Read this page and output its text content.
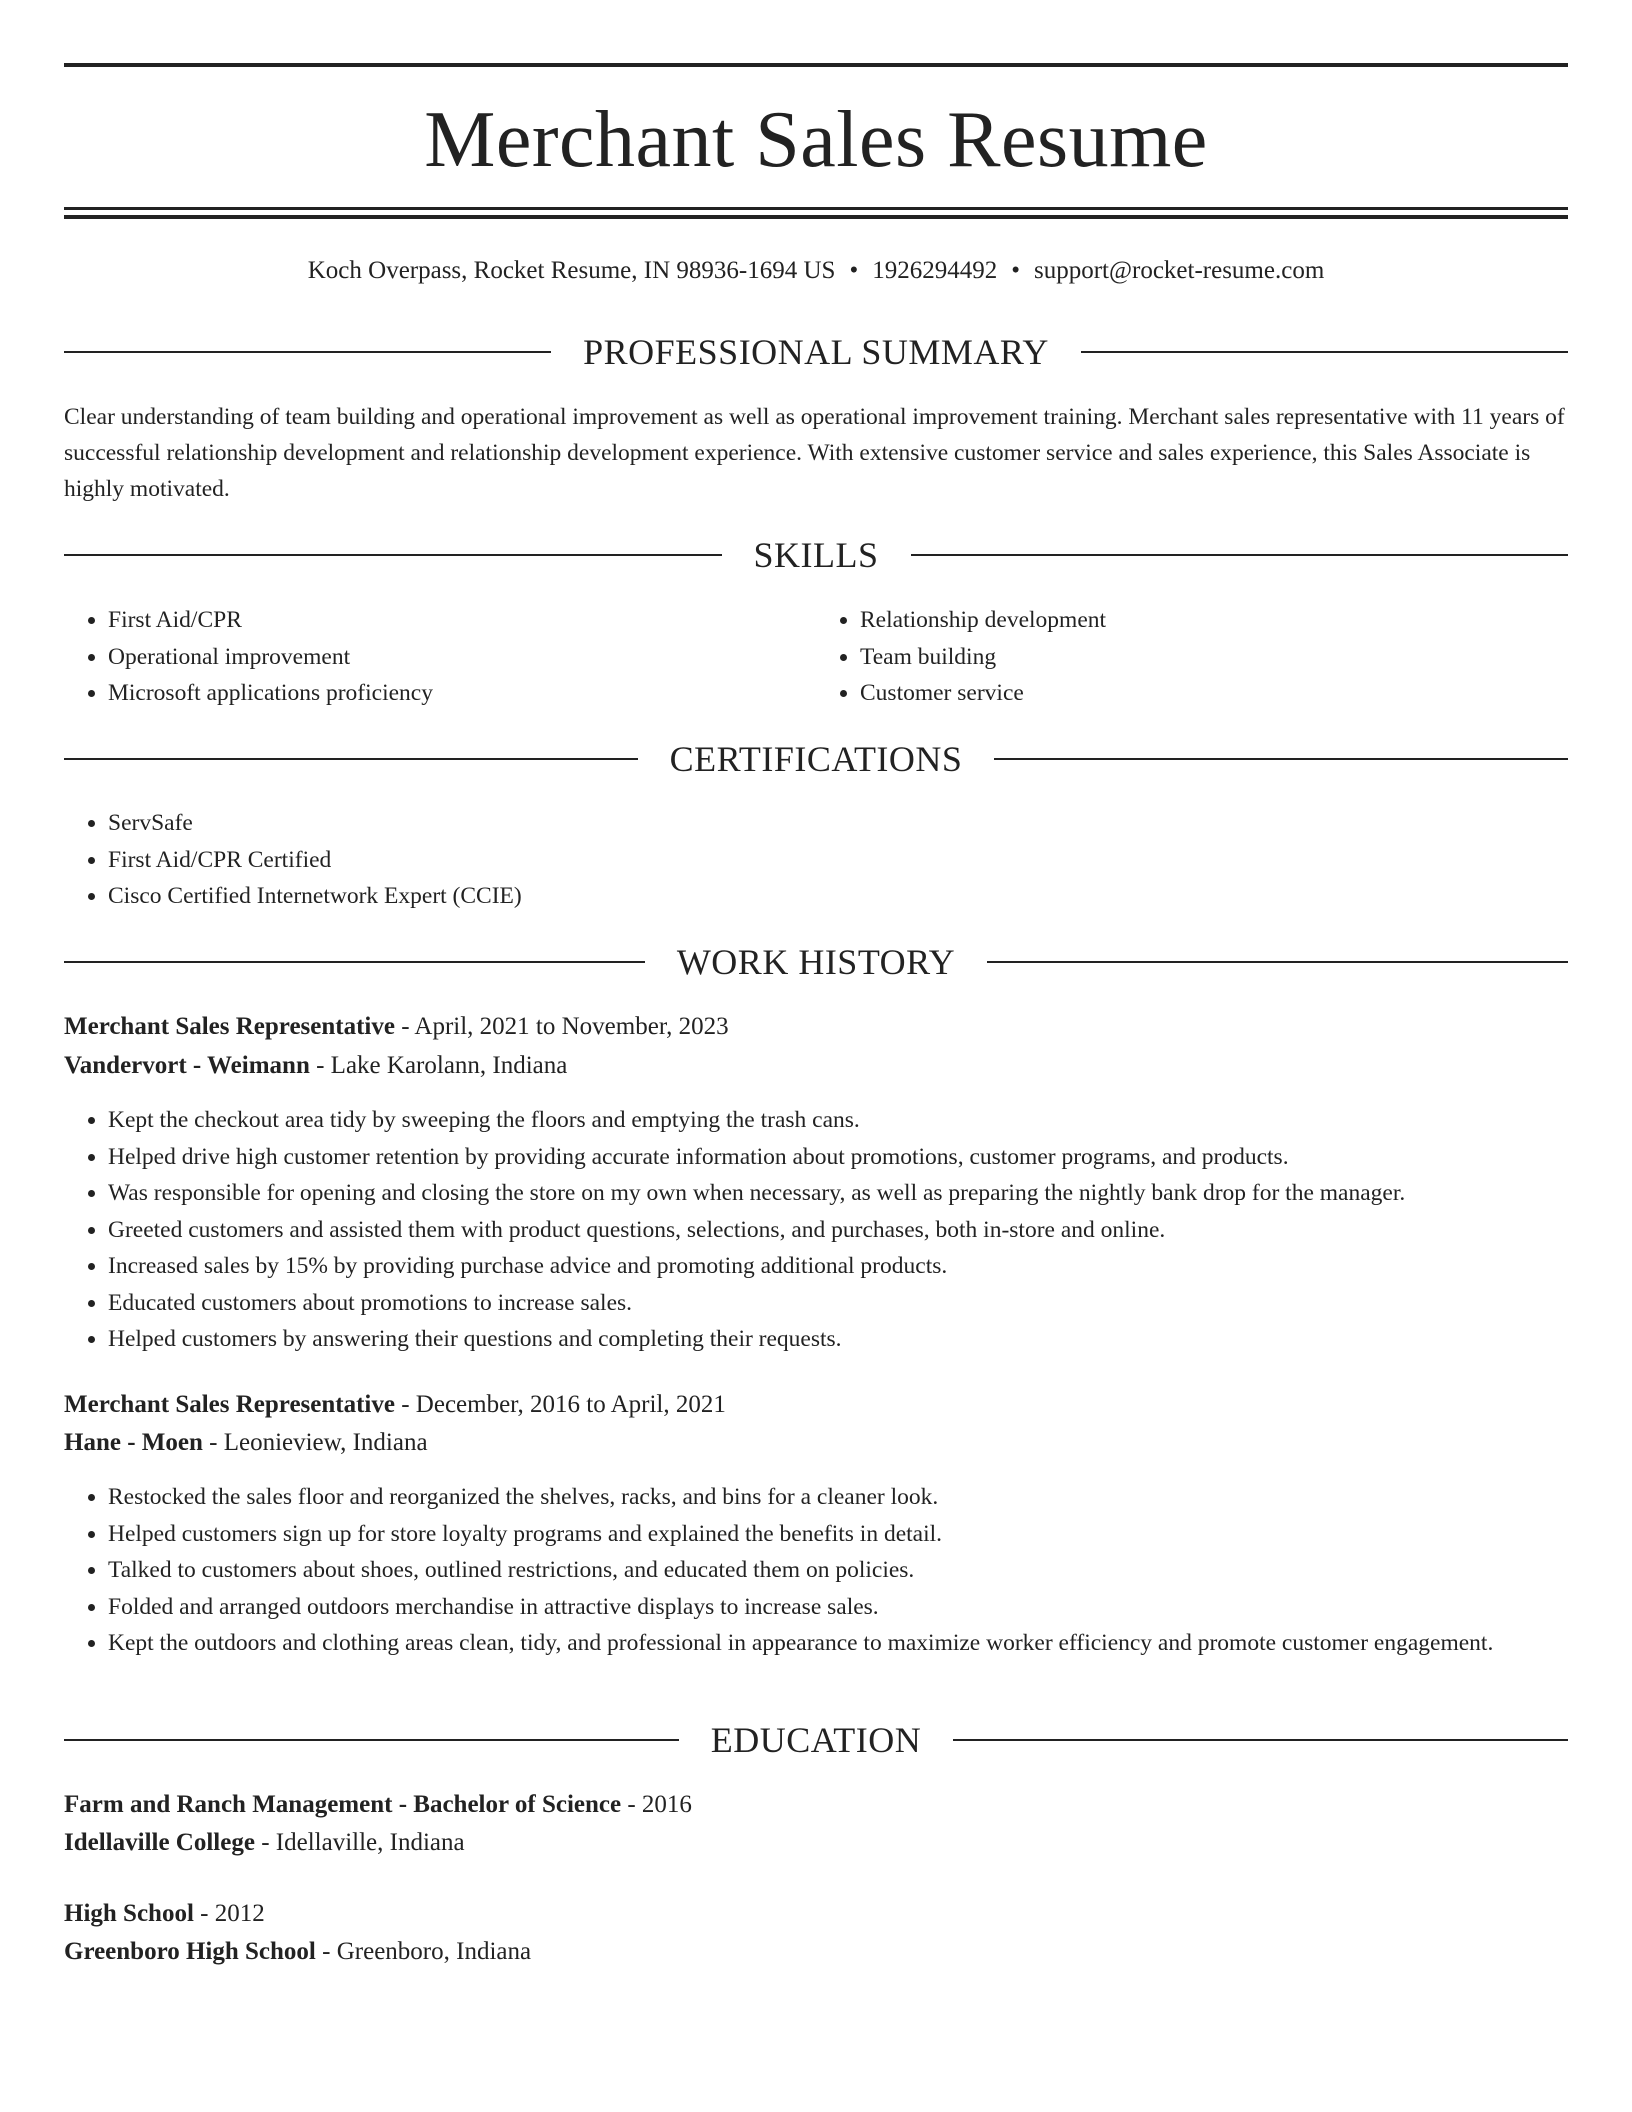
Merchant Sales Resume
Koch Overpass, Rocket Resume, IN 98936-1694 US • 1926294492 • support@rocket-resume.com
PROFESSIONAL SUMMARY

Clear understanding of team building and operational improvement as well as operational improvement training. Merchant sales representative with 11 years of successful relationship development and relationship development experience. With extensive customer service and sales experience, this Sales Associate is highly motivated.

SKILLS
• First Aid/CPR
• Operational improvement
• Microsoft applications proficiency
• Relationship development
• Team building
• Customer service
CERTIFICATIONS
• ServSafe
• First Aid/CPR Certified
• Cisco Certified Internetwork Expert (CCIE)
WORK HISTORY
Merchant Sales Representative - April, 2021 to November, 2023
Vandervort - Weimann - Lake Karolann, Indiana
• Kept the checkout area tidy by sweeping the floors and emptying the trash cans.
• Helped drive high customer retention by providing accurate information about promotions, customer programs, and products.
• Was responsible for opening and closing the store on my own when necessary, as well as preparing the nightly bank drop for the manager.
• Greeted customers and assisted them with product questions, selections, and purchases, both in-store and online.
• Increased sales by 15% by providing purchase advice and promoting additional products.
• Educated customers about promotions to increase sales.
• Helped customers by answering their questions and completing their requests.
Merchant Sales Representative - December, 2016 to April, 2021
Hane - Moen - Leonieview, Indiana
• Restocked the sales floor and reorganized the shelves, racks, and bins for a cleaner look.
• Helped customers sign up for store loyalty programs and explained the benefits in detail.
• Talked to customers about shoes, outlined restrictions, and educated them on policies.
• Folded and arranged outdoors merchandise in attractive displays to increase sales.
• Kept the outdoors and clothing areas clean, tidy, and professional in appearance to maximize worker efficiency and promote customer engagement.
EDUCATION
Farm and Ranch Management - Bachelor of Science - 2016
Idellaville College - Idellaville, Indiana
High School - 2012
Greenboro High School - Greenboro, Indiana
